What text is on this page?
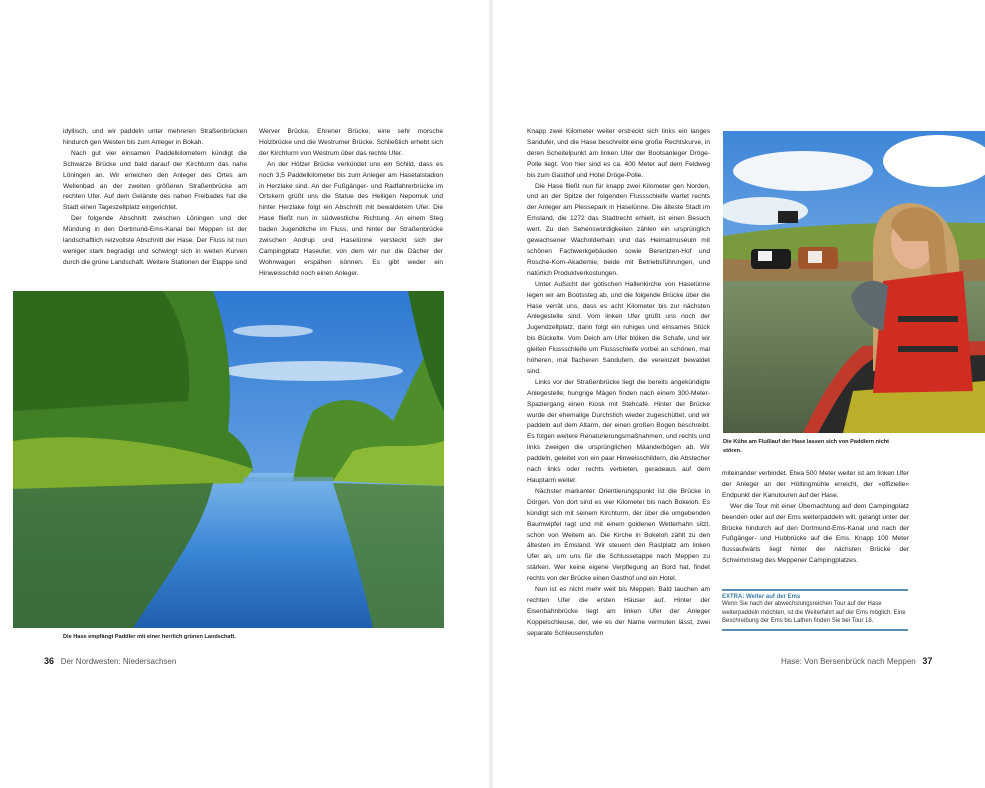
idyllisch, und wir paddeln unter mehreren Straßenbrücken hindurch gen Westen bis zum Anleger in Bokah.

Nach gut vier einsamen Paddelkilometern kündigt die Schwarze Brücke und bald darauf der Kirchturm das nahe Löningen an. Wir erreichen den Anleger des Ortes am Wellenbad an der zweiten größeren Straßenbrücke am rechten Ufer. Auf dem Gelände des nahen Freibades hat die Stadt einen Tageszeltplatz eingerichtet.

Der folgende Abschnitt zwischen Löningen und der Mündung in den Dortmund-Ems-Kanal bei Meppen ist der landschaftlich reizvollste Abschnitt der Hase. Der Fluss ist nun weniger stark begradigt und schwingt sich in weiten Kurven durch die grüne Landschaft. Weitere Stationen der Etappe sind

Werver Brücke, Ehrener Brücke, eine sehr morsche Holzbrücke und die Westrumer Brücke. Schließlich erhebt sich der Kirchturm von Westrum über das rechte Ufer.

An der Hölzer Brücke verkündet uns ein Schild, dass es noch 3,5 Paddelkilometer bis zum Anleger am Hasetalstadion in Herzlake sind. An der Fußgänger- und Radfahrerbrücke im Ortskern grüßt uns die Statue des Heiligen Nepomuk und hinter Herzlake folgt ein Abschnitt mit bewaldetem Ufer. Die Hase fließt nun in südwestliche Richtung. An einem Steg baden Jugendliche im Fluss, und hinter der Straßenbrücke zwischen Andrup und Haselünne versteckt sich der Campingplatz Haseufer, von dem wir nur die Dächer der Wohnwagen erspähen können. Es gibt weder ein Hinweisschild noch einen Anleger.

Die Hase empfängt Paddler mit einer herrlich grünen Landschaft.
36 Der Nordwesten: Niedersachsen

Knapp zwei Kilometer weiter erstreckt sich links ein langes Sandufer, und die Hase beschreibt eine große Rechtskurve, in deren Scheitelpunkt am linken Ufer der Bootsanleger Dröge-Polle liegt. Von hier sind es ca. 400 Meter auf dem Feldweg bis zum Gasthof und Hotel Dröge-Polle.

Die Hase fließt nun für knapp zwei Kilometer gen Norden, und an der Spitze der folgenden Flussschleife wartet rechts der Anleger am Plessepark in Haselünne. Die älteste Stadt im Emsland, die 1272 das Stadtrecht erhielt, ist einen Besuch wert. Zu den Sehenswürdigkeiten zählen ein ursprünglich gewachsener Wacholderhain und das Heimatmuseum mit schönen Fachwerkgebäuden sowie Berentzen-Hof und Rosche-Korn-Akademie, beide mit Betriebsführungen, und natürlich Produktverkostungen.

Unter Aufsicht der gotischen Hallenkirche von Haselünne legen wir am Bootssteg ab, und die folgende Brücke über die Hase verrät uns, dass es acht Kilometer bis zur nächsten Anlegestelle sind. Vom linken Ufer grüßt uns noch der Jugendzeltplatz, dann folgt ein ruhiges und einsames Stück bis Bückelte. Vom Deich am Ufer blöken die Schafe, und wir gleiten Flussschleife um Flussschleife vorbei an schönen, mal höheren, mal flacheren Sandufern, die vereinzelt bewaldet sind.

Links vor der Straßenbrücke liegt die bereits angekündigte Anlegestelle; hungrige Mägen finden nach einem 300-Meter-Spaziergang einen Kiosk mit Stehcafé. Hinter der Brücke wurde der ehemalige Durchstich wieder zugeschüttet, und wir paddeln auf dem Altarm, der einen großen Bogen beschreibt. Es folgen weitere Renaturierungsmaßnahmen, und rechts und links zweigen die ursprünglichen Mäanderbögen ab. Wir paddeln, geleitet von ein paar Hinweisschildern, die Abstecher nach links oder rechts verbieten, geradeaus auf dem Hauptarm weiter.

Nächster markanter Orientierungspunkt ist die Brücke in Dörgen. Von dort sind es vier Kilometer bis nach Bokeloh. Es kündigt sich mit seinem Kirchturm, der über die umgebenden Baumwipfel ragt und mit einem goldenen Wetterhahn sitzt, schon von Weitem an. Die Kirche in Bokeloh zählt zu den ältesten im Emsland. Wir steuern den Rastplatz am linken Ufer an, um uns für die Schlussetappe nach Meppen zu stärken. Wer keine eigene Verpflegung an Bord hat, findet rechts von der Brücke einen Gasthof und ein Hotel.

Nun ist es nicht mehr weit bis Meppen. Bald tauchen am rechten Ufer die ersten Häuser auf. Hinter der Eisenbahnbrücke liegt am linken Ufer der Anleger Koppelschleuse, der, wie es der Name vermuten lässt, zwei separate Schleusenstufen

Die Kühe am Flußlauf der Hase lassen sich von Paddlern nicht stören.

miteinander verbindet. Etwa 500 Meter weiter ist am linken Ufer der Anleger an der Höltingmühle erreicht, der »offizielle« Endpunkt der Kanutouren auf der Hase.

Wer die Tour mit einer Übernachtung auf dem Campingplatz beenden oder auf der Ems weiterpaddeln will, gelangt unter der Brücke hindurch auf den Dortmund-Ems-Kanal und nach der Fußgänger- und Hubbrücke auf die Ems. Knapp 100 Meter flussaufwärts liegt hinter der nächsten Brücke der Schwimmsteg des Meppener Campingplatzes.

EXTRA: Weiter auf der Ems
Wenn Sie nach der abwechslungsreichen Tour auf der Hase weiterpaddeln möchten, ist die Weiterfahrt auf der Ems möglich. Eine Beschreibung der Ems bis Lathen finden Sie bei Tour 18.
Hase: Von Bersenbrück nach Meppen 37
